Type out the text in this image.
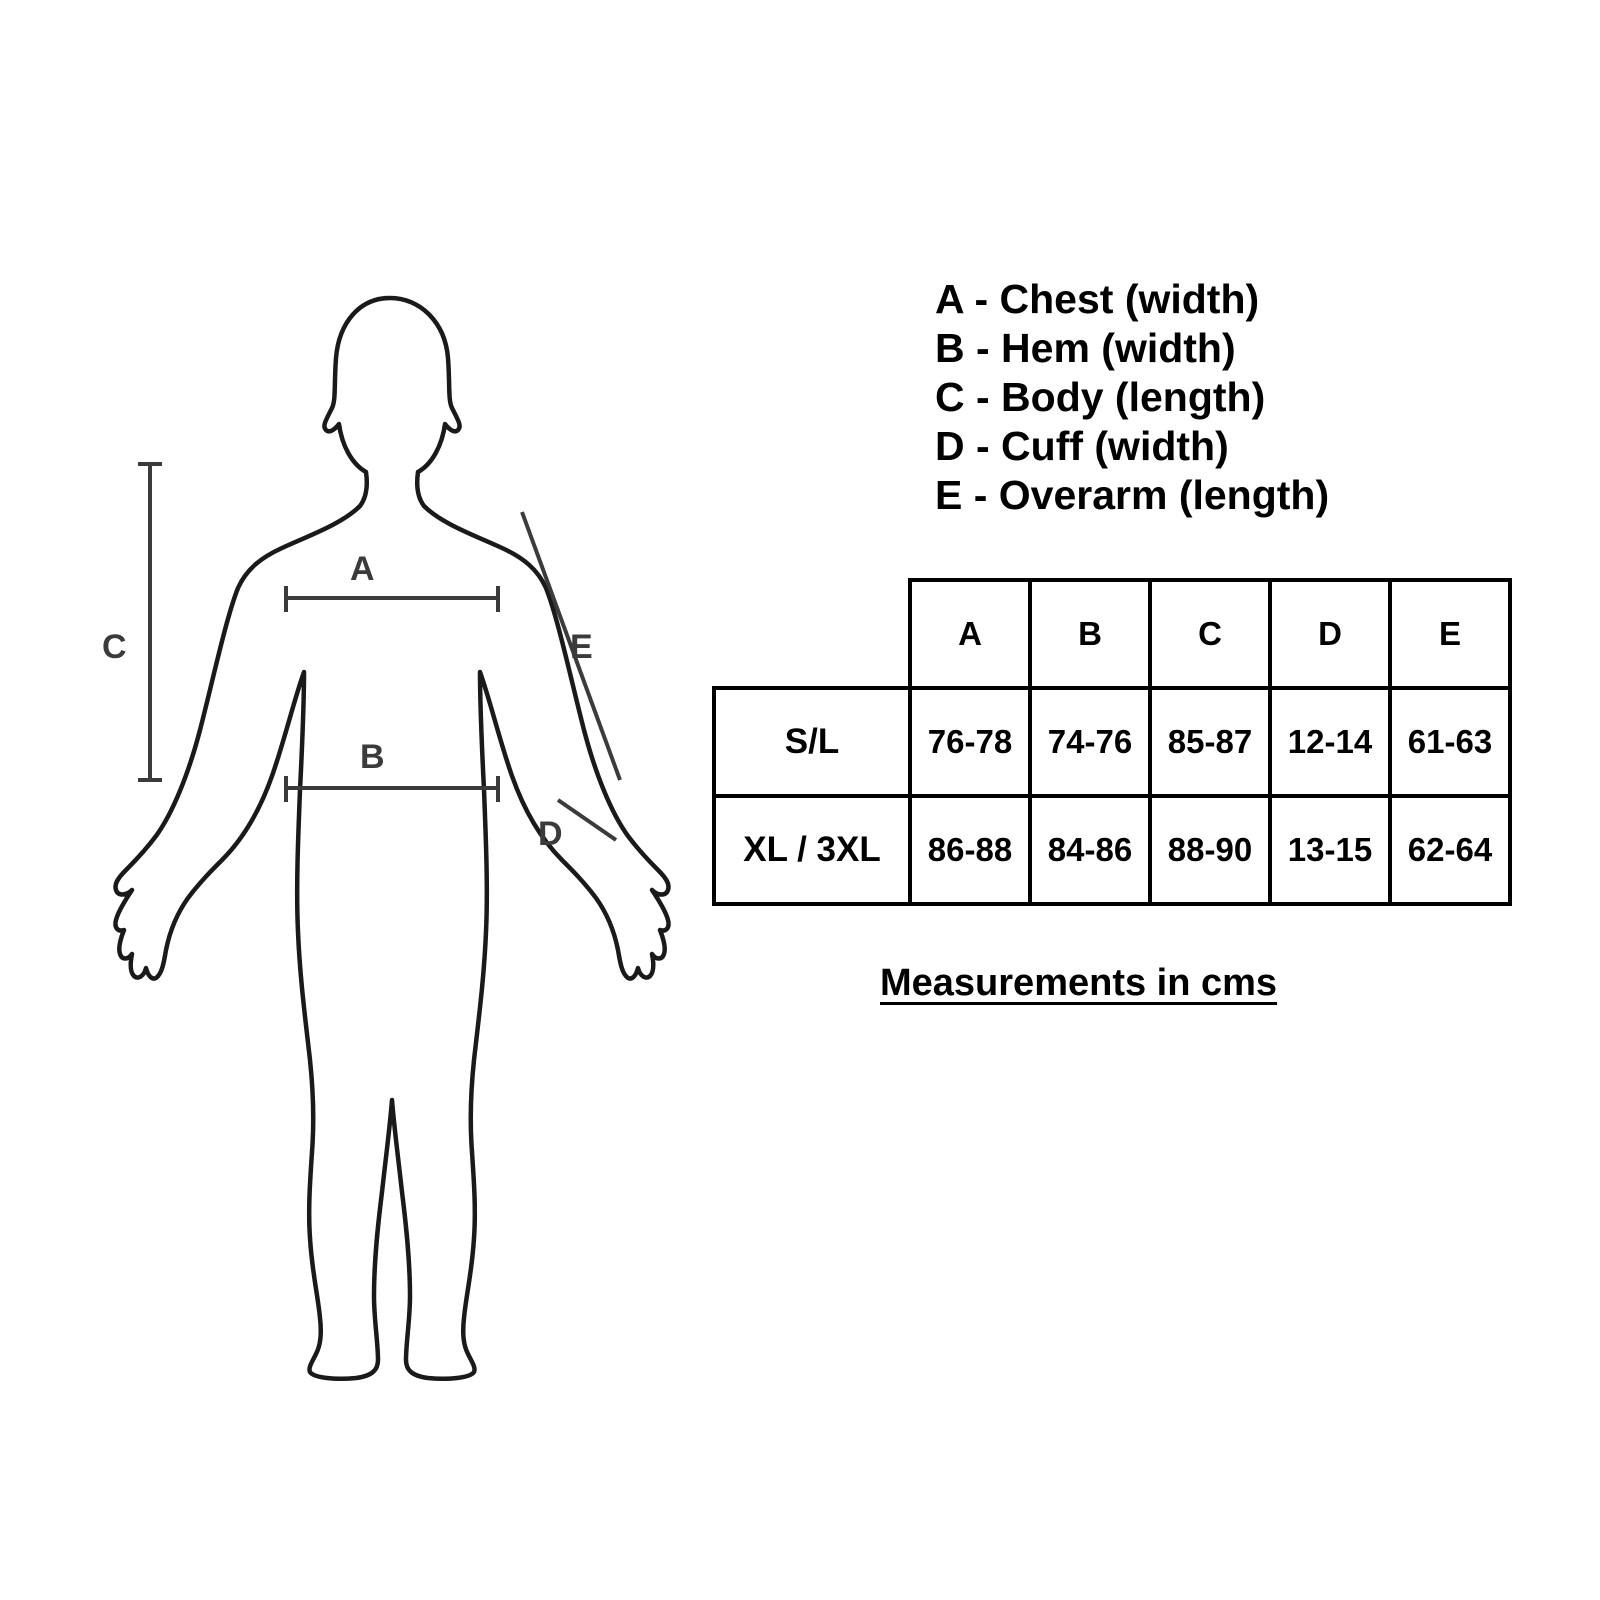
A
B
C
D
E
A - Chest (width)
B - Hem (width)
C - Body (length)
D - Cuff (width)
E - Overarm (length)
	A	B	C	D	E
S/L	76-78	74-76	85-87	12-14	61-63
XL / 3XL	86-88	84-86	88-90	13-15	62-64
Measurements in cms
